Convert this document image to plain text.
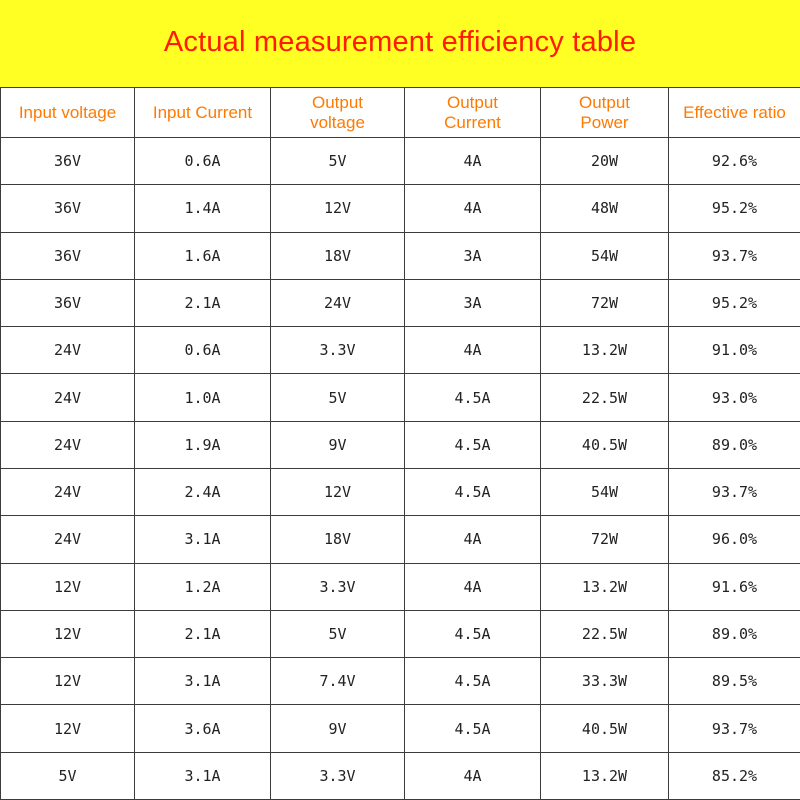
Actual measurement efficiency table
Input voltage	Input Current	Output voltage	Output Current	Output Power	Effective ratio
36V	0.6A	5V	4A	20W	92.6%
36V	1.4A	12V	4A	48W	95.2%
36V	1.6A	18V	3A	54W	93.7%
36V	2.1A	24V	3A	72W	95.2%
24V	0.6A	3.3V	4A	13.2W	91.0%
24V	1.0A	5V	4.5A	22.5W	93.0%
24V	1.9A	9V	4.5A	40.5W	89.0%
24V	2.4A	12V	4.5A	54W	93.7%
24V	3.1A	18V	4A	72W	96.0%
12V	1.2A	3.3V	4A	13.2W	91.6%
12V	2.1A	5V	4.5A	22.5W	89.0%
12V	3.1A	7.4V	4.5A	33.3W	89.5%
12V	3.6A	9V	4.5A	40.5W	93.7%
5V	3.1A	3.3V	4A	13.2W	85.2%
